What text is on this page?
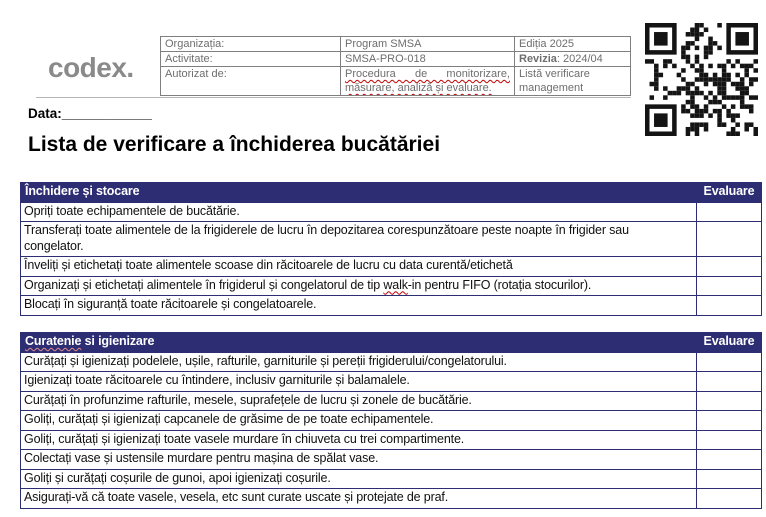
codex.
Organizația:	Program SMSA	Ediția 2025
Activitate:	SMSA-PRO-018	Revizia: 2024/04
Autorizat de:	Procedura de monitorizare, măsurare, analiză și evaluare.	Listă verificare management
Data:____________
Lista de verificare a închiderea bucătăriei
Închidere și stocare	Evaluare
Opriți toate echipamentele de bucătărie.	
Transferați toate alimentele de la frigiderele de lucru în depozitarea corespunzătoare peste noapte în frigider sau congelator.	
Înveliți și etichetați toate alimentele scoase din răcitoarele de lucru cu data curentă/etichetă	
Organizați și etichetați alimentele în frigiderul și congelatorul de tip walk-in pentru FIFO (rotația stocurilor).	
Blocați în siguranță toate răcitoarele și congelatoarele.	
Curatenie si igienizare	Evaluare
Curățați și igienizați podelele, ușile, rafturile, garniturile și pereții frigiderului/congelatorului.	
Igienizați toate răcitoarele cu întindere, inclusiv garniturile și balamalele.	
Curățați în profunzime rafturile, mesele, suprafețele de lucru și zonele de bucătărie.	
Goliți, curățați și igienizați capcanele de grăsime de pe toate echipamentele.	
Goliți, curățați și igienizați toate vasele murdare în chiuveta cu trei compartimente.	
Colectați vase și ustensile murdare pentru mașina de spălat vase.	
Goliți și curățați coșurile de gunoi, apoi igienizați coșurile.	
Asigurați-vă că toate vasele, vesela, etc sunt curate uscate și protejate de praf.	
